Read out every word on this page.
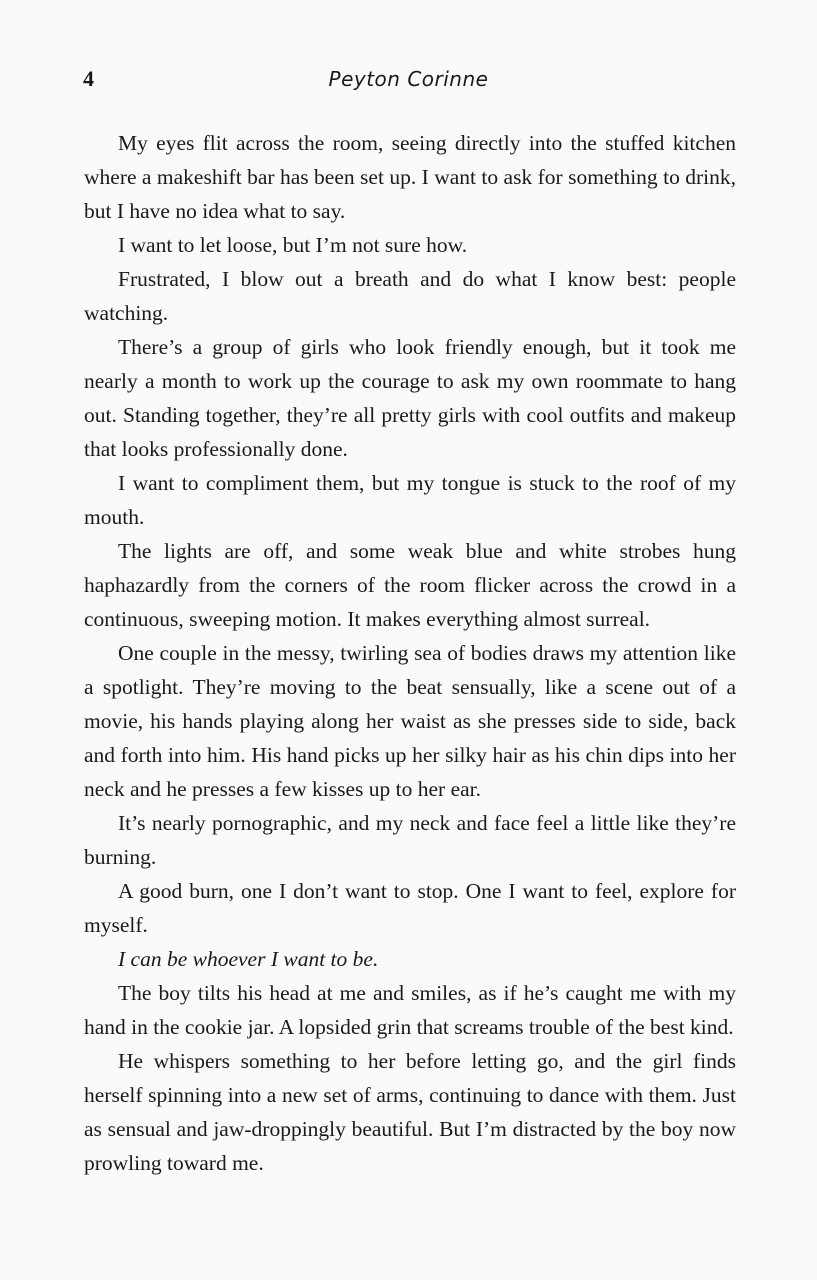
4	Peyton Corinne

My eyes flit across the room, seeing directly into the stuffed kitchen where a makeshift bar has been set up. I want to ask for something to drink, but I have no idea what to say.

I want to let loose, but I’m not sure how.

Frustrated, I blow out a breath and do what I know best: people watching.

There’s a group of girls who look friendly enough, but it took me nearly a month to work up the courage to ask my own roommate to hang out. Standing together, they’re all pretty girls with cool outfits and makeup that looks professionally done.

I want to compliment them, but my tongue is stuck to the roof of my mouth.

The lights are off, and some weak blue and white strobes hung haphazardly from the corners of the room flicker across the crowd in a continuous, sweeping motion. It makes everything almost surreal.

One couple in the messy, twirling sea of bodies draws my attention like a spotlight. They’re moving to the beat sensually, like a scene out of a movie, his hands playing along her waist as she presses side to side, back and forth into him. His hand picks up her silky hair as his chin dips into her neck and he presses a few kisses up to her ear.

It’s nearly pornographic, and my neck and face feel a little like they’re burning.

A good burn, one I don’t want to stop. One I want to feel, explore for myself.

I can be whoever I want to be.

The boy tilts his head at me and smiles, as if he’s caught me with my hand in the cookie jar. A lopsided grin that screams trouble of the best kind.

He whispers something to her before letting go, and the girl finds herself spinning into a new set of arms, continuing to dance with them. Just as sensual and jaw-droppingly beautiful. But I’m distracted by the boy now prowling toward me.
